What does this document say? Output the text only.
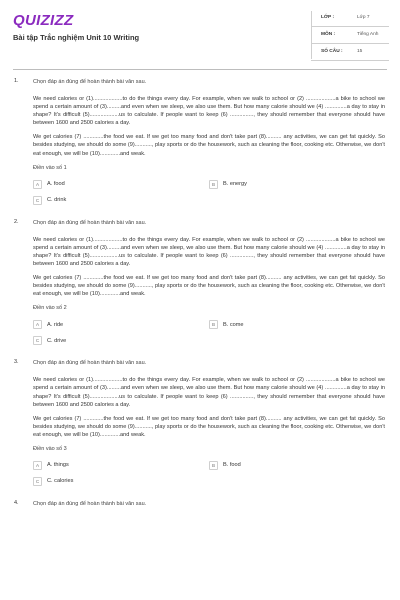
QUIZIZZ
Bài tập Trắc nghiệm Unit 10 Writing
LỚP :	Lớp 7
MÔN :	Tiếng Anh
SỐ CÂU :	15
1.	Chọn đáp án đúng để hoàn thành bài văn sau.

We need calories or (1)...................to do the things every day. For example, when we walk to school or (2) ...................a bike to school we spend a certain amount of (3).........and even when we sleep, we also use them. But how many calorie should we (4) ..............a day to stay in shape? It's difficult (5)...................us to calculate. If people want to keep (6) ..............., they should remember that everyone should have between 1600 and 2500 calories a day.

We get calories (7) .............the food we eat. If we get too many food and don't take part (8).......... any activities, we can get fat quickly. So besides studying, we should do some (9)..........., play sports or do the housework, such as cleaning the floor, cooking etc. Otherwise, we don't eat enough, we will be (10).............and weak.

Điền vào số 1
A	A. food	B	B. energy
C	C. drink
2.	Chọn đáp án đúng để hoàn thành bài văn sau.

We need calories or (1)...................to do the things every day. For example, when we walk to school or (2) ...................a bike to school we spend a certain amount of (3).........and even when we sleep, we also use them. But how many calorie should we (4) ..............a day to stay in shape? It's difficult (5)...................us to calculate. If people want to keep (6) ..............., they should remember that everyone should have between 1600 and 2500 calories a day.

We get calories (7) .............the food we eat. If we get too many food and don't take part (8).......... any activities, we can get fat quickly. So besides studying, we should do some (9)..........., play sports or do the housework, such as cleaning the floor, cooking etc. Otherwise, we don't eat enough, we will be (10).............and weak.

Điền vào số 2
A	A. ride	B	B. come
C	C. drive
3.	Chọn đáp án đúng để hoàn thành bài văn sau.

We need calories or (1)...................to do the things every day. For example, when we walk to school or (2) ...................a bike to school we spend a certain amount of (3).........and even when we sleep, we also use them. But how many calorie should we (4) ..............a day to stay in shape? It's difficult (5)...................us to calculate. If people want to keep (6) ..............., they should remember that everyone should have between 1600 and 2500 calories a day.

We get calories (7) .............the food we eat. If we get too many food and don't take part (8).......... any activities, we can get fat quickly. So besides studying, we should do some (9)..........., play sports or do the housework, such as cleaning the floor, cooking etc. Otherwise, we don't eat enough, we will be (10).............and weak.

Điền vào số 3
A	A. things	B	B. food
C	C. calories
4.	Chọn đáp án đúng để hoàn thành bài văn sau.
